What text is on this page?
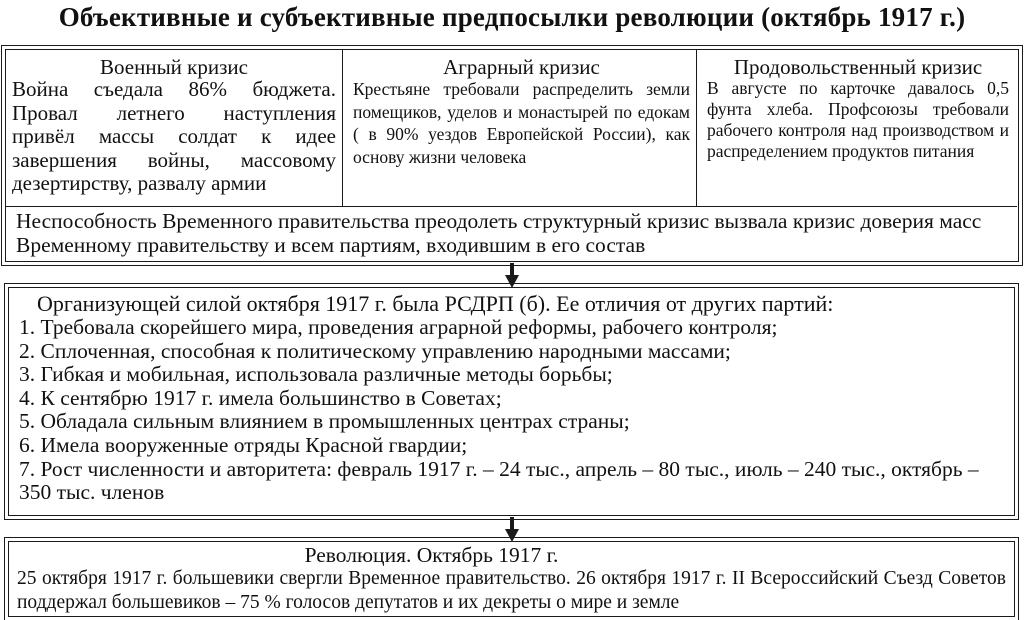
Объективные и субъективные предпосылки революции (октябрь 1917 г.)
Военный кризис
Война съедала 86% бюджета. Провал летнего наступления привёл массы солдат к идее завершения войны, массовому дезертирству, развалу армии
Аграрный кризис
Крестьяне требовали распределить земли помещиков, уделов и монастырей по едокам ( в 90% уездов Европейской России), как основу жизни человека
Продовольственный кризис
В августе по карточке давалось 0,5 фунта хлеба. Профсоюзы требовали рабочего контроля над производством и распределением продуктов питания
Неспособность Временного правительства преодолеть структурный кризис вызвала кризис доверия масс Временному правительству и всем партиям, входившим в его состав
Организующей силой октября 1917 г. была РСДРП (б). Ее отличия от других партий:
1. Требовала скорейшего мира, проведения аграрной реформы, рабочего контроля;
2. Сплоченная, способная к политическому управлению народными массами;
3. Гибкая и мобильная, использовала различные методы борьбы;
4. К сентябрю 1917 г. имела большинство в Советах;
5. Обладала сильным влиянием в промышленных центрах страны;
6. Имела вооруженные отряды Красной гвардии;
7. Рост численности и авторитета: февраль 1917 г. – 24 тыс., апрель – 80 тыс., июль – 240 тыс., октябрь – 350 тыс. членов
Революция. Октябрь 1917 г.
25 октября 1917 г. большевики свергли Временное правительство. 26 октября 1917 г. II Всероссийский Съезд Советов поддержал большевиков – 75 % голосов депутатов и их декреты о мире и земле
